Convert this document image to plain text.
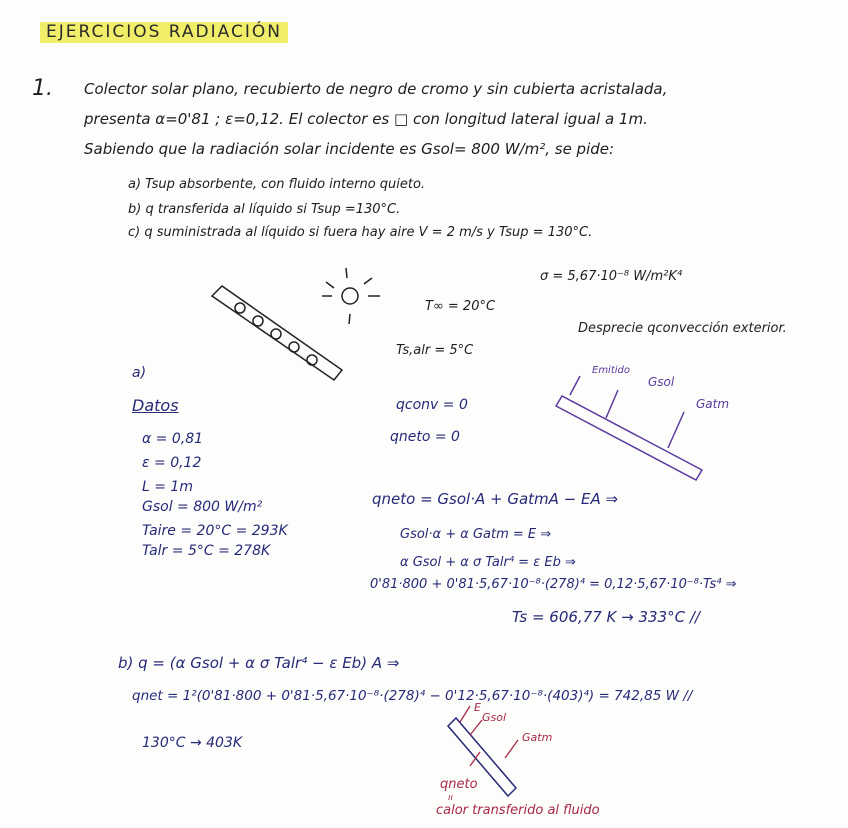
EJERCICIOS RADIACIÓN
1. Colector solar plano, recubierto de negro de cromo y sin cubierta acristalada,
presenta α=0'81 ; ε=0,12. El colector es □ con longitud lateral igual a 1m.
Sabiendo que la radiación solar incidente es Gsol= 800 W/m², se pide:
a) Tsup absorbente, con fluido interno quieto.
b) q transferida al líquido si Tsup =130°C.
c) q suministrada al líquido si fuera hay aire V = 2 m/s y Tsup = 130°C.
T∞ = 20°C
Ts,alr = 5°C
σ = 5,67·10⁻⁸ W/m²K⁴
Desprecie qconvección exterior.
a)
Datos
α = 0,81
ε = 0,12
L = 1m
Gsol = 800 W/m²
Taire = 20°C = 293K
Talr = 5°C = 278K
qconv = 0
qneto = 0
Emitido
Gsol
Gatm
qneto = Gsol·A + GatmA − EA ⇒
Gsol·α + α Gatm = E ⇒
α Gsol + α σ Talr⁴ = ε Eb ⇒
0'81·800 + 0'81·5,67·10⁻⁸·(278)⁴ = 0,12·5,67·10⁻⁸·Ts⁴ ⇒
Ts = 606,77 K → 333°C //
b) q = (α Gsol + α σ Talr⁴ − ε Eb) A ⇒
qnet = 1²(0'81·800 + 0'81·5,67·10⁻⁸·(278)⁴ − 0'12·5,67·10⁻⁸·(403)⁴) = 742,85 W //
130°C → 403K
E
Gsol
Gatm
qneto
ıı
calor transferido al fluido
